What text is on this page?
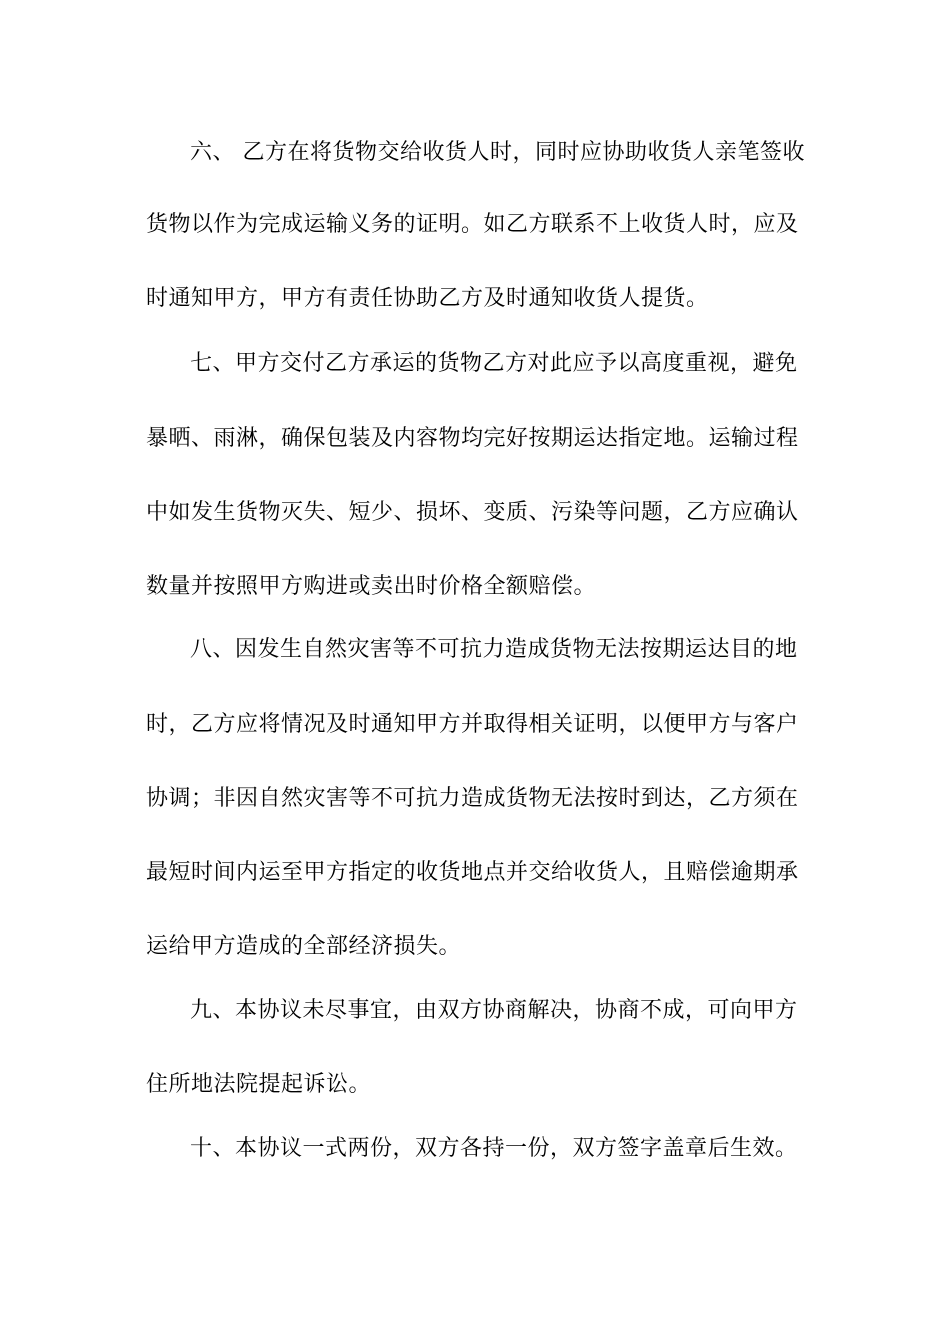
六、 乙方在将货物交给收货人时，同时应协助收货人亲笔签收
货物以作为完成运输义务的证明。如乙方联系不上收货人时，应及
时通知甲方，甲方有责任协助乙方及时通知收货人提货。
七、甲方交付乙方承运的货物乙方对此应予以高度重视，避免
暴晒、雨淋，确保包装及内容物均完好按期运达指定地。运输过程
中如发生货物灭失、短少、损坏、变质、污染等问题，乙方应确认
数量并按照甲方购进或卖出时价格全额赔偿。
八、因发生自然灾害等不可抗力造成货物无法按期运达目的地
时，乙方应将情况及时通知甲方并取得相关证明，以便甲方与客户
协调；非因自然灾害等不可抗力造成货物无法按时到达，乙方须在
最短时间内运至甲方指定的收货地点并交给收货人，且赔偿逾期承
运给甲方造成的全部经济损失。
九、本协议未尽事宜，由双方协商解决，协商不成，可向甲方
住所地法院提起诉讼。
十、本协议一式两份，双方各持一份，双方签字盖章后生效。
